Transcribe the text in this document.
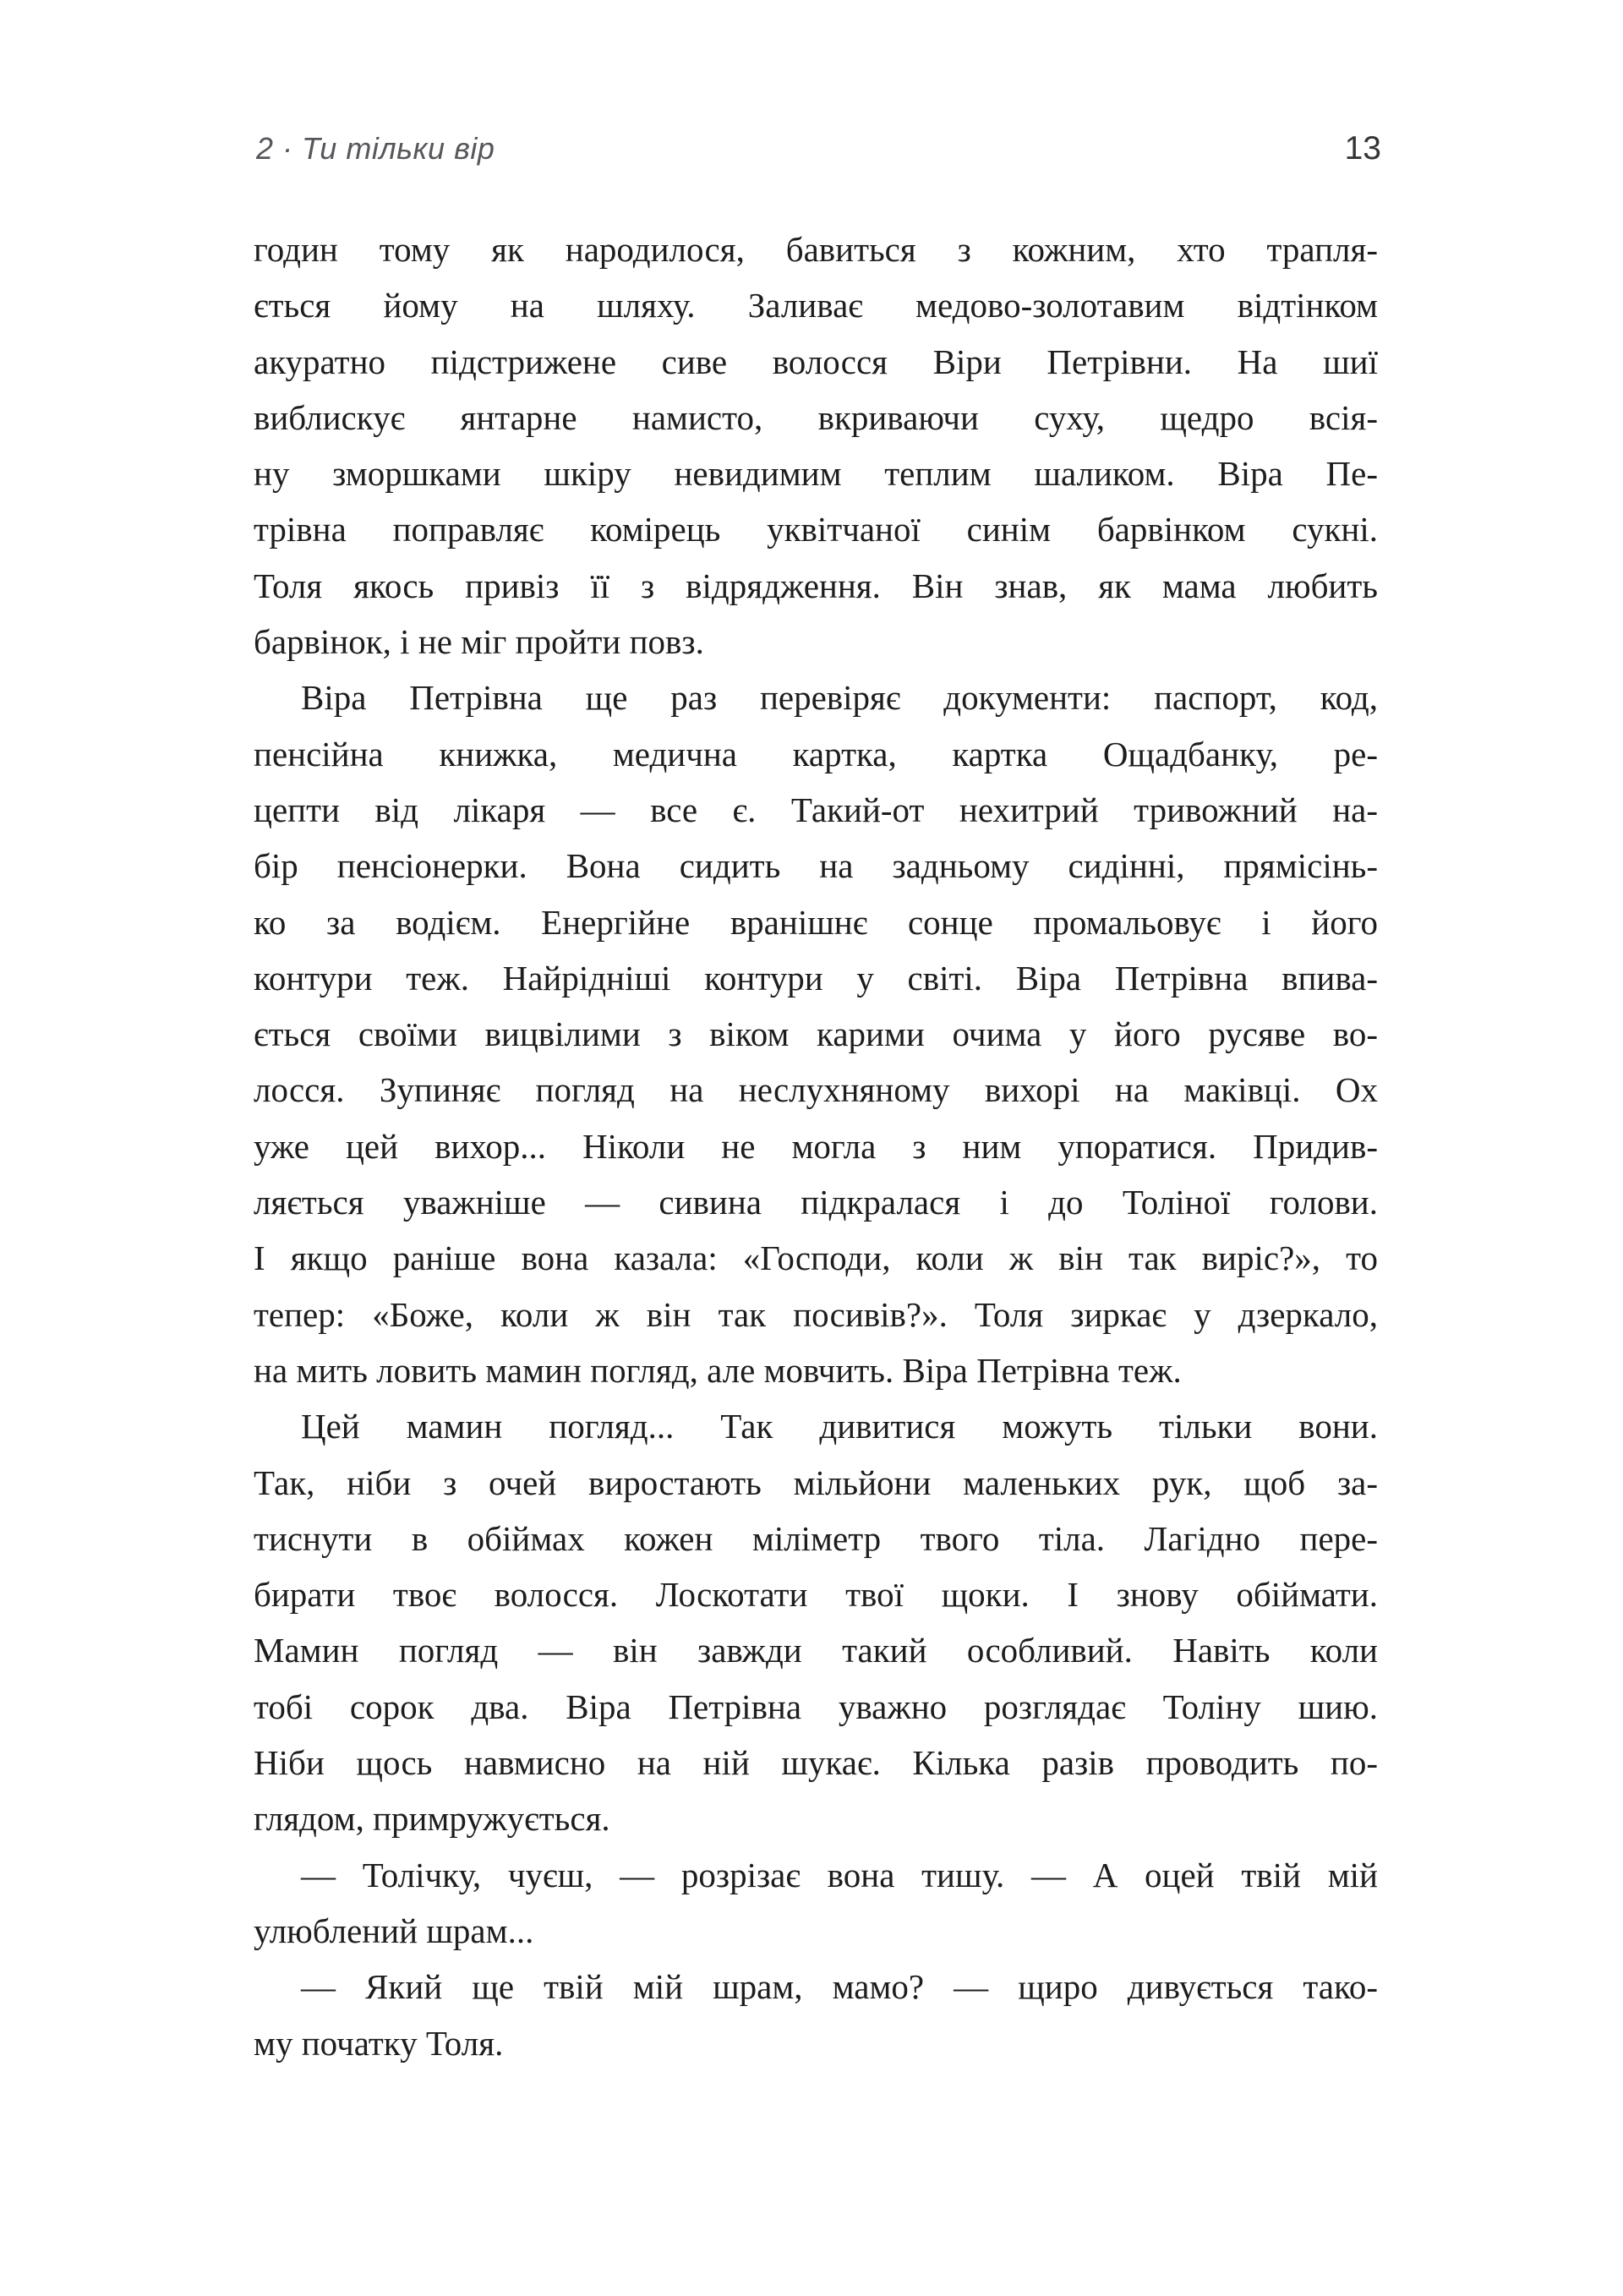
2 · Ти тільки вір	13
годин тому як народилося, бавиться з кожним, хто трапля-
ється йому на шляху. Заливає медово-золотавим відтінком
акуратно підстрижене сиве волосся Віри Петрівни. На шиї
виблискує янтарне намисто, вкриваючи суху, щедро всія-
ну зморшками шкіру невидимим теплим шаликом. Віра Пе-
трівна поправляє комірець уквітчаної синім барвінком сукні.
Толя якось привіз її з відрядження. Він знав, як мама любить
барвінок, і не міг пройти повз.
Віра Петрівна ще раз перевіряє документи: паспорт, код,
пенсійна книжка, медична картка, картка Ощадбанку, ре-
цепти від лікаря — все є. Такий-от нехитрий тривожний на-
бір пенсіонерки. Вона сидить на задньому сидінні, прямісінь-
ко за водієм. Енергійне вранішнє сонце промальовує і його
контури теж. Найрідніші контури у світі. Віра Петрівна впива-
ється своїми вицвілими з віком карими очима у його русяве во-
лосся. Зупиняє погляд на неслухняному вихорі на маківці. Ох
уже цей вихор... Ніколи не могла з ним упоратися. Придив-
ляється уважніше — сивина підкралася і до Толіної голови.
І якщо раніше вона казала: «Господи, коли ж він так виріс?», то
тепер: «Боже, коли ж він так посивів?». Толя зиркає у дзеркало,
на мить ловить мамин погляд, але мовчить. Віра Петрівна теж.
Цей мамин погляд... Так дивитися можуть тільки вони.
Так, ніби з очей виростають мільйони маленьких рук, щоб за-
тиснути в обіймах кожен міліметр твого тіла. Лагідно пере-
бирати твоє волосся. Лоскотати твої щоки. І знову обіймати.
Мамин погляд — він завжди такий особливий. Навіть коли
тобі сорок два. Віра Петрівна уважно розглядає Толіну шию.
Ніби щось навмисно на ній шукає. Кілька разів проводить по-
глядом, примружується.
— Толічку, чуєш, — розрізає вона тишу. — А оцей твій мій
улюблений шрам...
— Який ще твій мій шрам, мамо? — щиро дивується тако-
му початку Толя.
